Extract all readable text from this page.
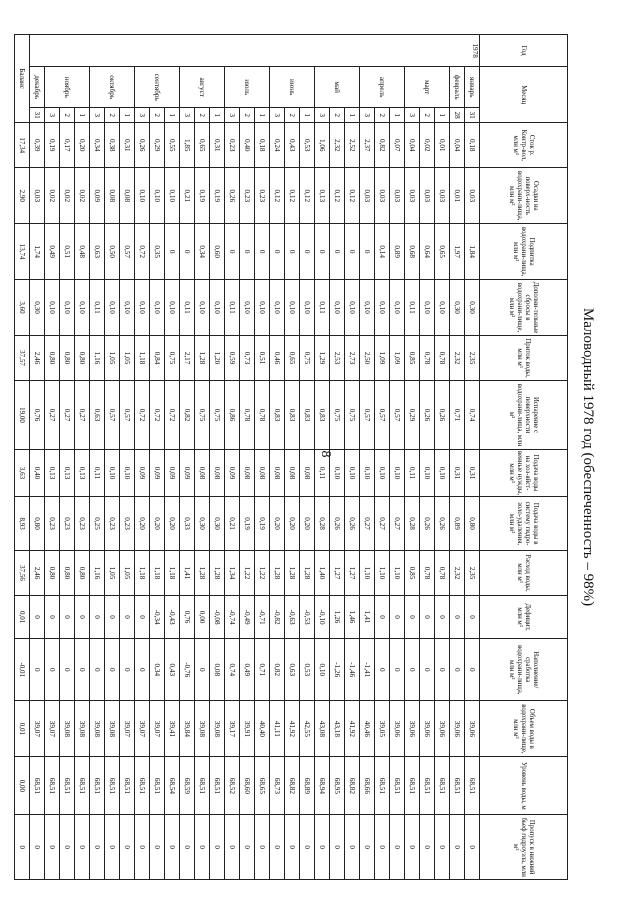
8	Маловодный 1978 год (обеспеченность – 98%)
Год	Месяц		Сток р. Контр-вол, млн м³	Осадки на поверх-ность водохрани-лища, млн м³	Подпитка водохрани-лища, млн м³	Дополни-тельные сбросы в водохрани-лище, млн м³	Приток воды, млн м³	Испарение с поверхности водохрани-лища, млн м³	Подача воды на хоз-яйст-венные нужды, млн м³	Подача воды в систему гидро-золо-удаления, млн м³	Расход воды, млн м³	Дефицит, млн м³	Наполнение/ сработка водохрани-лища, млн м³	Объем воды в водохрани-лище, млн м³	Уровень воды, м	Пропуск в нижний бьеф гидроузла, млн м³
1978	январь	31	0,18	0,03	1,84	0,30	2,35	0,74	0,31	0,80	2,35	0	0	39,06	68,51	0
	февраль	28	0,04	0,01	1,97	0,30	2,32	0,71	0,31	0,89	2,32	0	0	39,06	68,51	0
	март	1	0,01	0,03	0,65	0,10	0,78	0,26	0,10	0,26	0,78	0	0	39,06	68,51	0
		2	0,02	0,03	0,64	0,10	0,78	0,26	0,10	0,26	0,78	0	0	39,06	68,51	0
		3	0,04	0,03	0,68	0,11	0,85	0,29	0,11	0,28	0,85	0	0	39,06	68,51	0
	апрель	1	0,07	0,03	0,89	0,10	1,09	0,57	0,10	0,27	1,10	0	0	39,06	68,51	0
		2	0,82	0,03	0,14	0,10	1,09	0,57	0,10	0,27	1,10	0	0	39,05	68,51	0
		3	2,37	0,03	0	0,10	2,50	0,57	0,10	0,27	1,10	1,41	-1,41	40,46	68,66	0
	май	1	2,52	0,12	0	0,10	2,73	0,75	0,10	0,26	1,27	1,46	-1,46	41,92	68,82	0
		2	2,32	0,12	0	0,10	2,53	0,75	0,10	0,26	1,27	1,26	-1,26	43,18	68,95	0
		3	1,06	0,13	0	0,11	1,29	0,83	0,11	0,28	1,40	-0,10	0,10	43,08	68,94	0
	июнь	1	0,53	0,12	0	0,10	0,75	0,83	0,08	0,20	1,28	-0,53	0,53	42,55	68,89	0
		2	0,43	0,12	0	0,10	0,65	0,83	0,08	0,20	1,28	-0,63	0,63	41,92	68,82	0
		3	0,24	0,12	0	0,10	0,46	0,83	0,08	0,20	1,28	-0,82	0,82	41,11	68,73	0
	июль	1	0,18	0,23	0	0,10	0,51	0,78	0,08	0,19	1,22	-0,71	0,71	40,40	68,65	0
		2	0,40	0,23	0	0,10	0,73	0,78	0,08	0,19	1,22	-0,49	0,49	39,91	68,60	0
		3	0,23	0,26	0	0,11	0,59	0,86	0,09	0,21	1,34	-0,74	0,74	39,17	68,52	0
	август	1	0,31	0,19	0,60	0,10	1,20	0,75	0,08	0,30	1,28	-0,08	0,08	39,08	68,51	0
		2	0,65	0,19	0,34	0,10	1,28	0,75	0,08	0,30	1,28	0,00	0	39,08	68,51	0
		3	1,85	0,21	0	0,11	2,17	0,82	0,09	0,33	1,41	0,76	-0,76	39,84	68,59	0
	сентябрь	1	0,55	0,10	0	0,10	0,75	0,72	0,09	0,20	1,18	-0,43	0,43	39,41	68,54	0
		2	0,29	0,10	0,35	0,10	0,84	0,72	0,09	0,20	1,18	-0,34	0,34	39,07	68,51	0
		3	0,26	0,10	0,72	0,10	1,18	0,72	0,09	0,20	1,18	0	0	39,07	68,51	0
	октябрь	1	0,31	0,08	0,57	0,10	1,05	0,57	0,10	0,23	1,05	0	0	39,07	68,51	0
		2	0,38	0,08	0,50	0,10	1,05	0,57	0,10	0,23	1,05	0	0	39,08	68,51	0
		3	0,34	0,09	0,63	0,11	1,16	0,63	0,11	0,25	1,16	0	0	39,08	68,51	0
	ноябрь	1	0,20	0,02	0,48	0,10	0,80	0,27	0,13	0,23	0,80	0	0	39,08	68,51	0
		2	0,17	0,02	0,51	0,10	0,80	0,27	0,13	0,23	0,80	0	0	39,08	68,51	0
		3	0,19	0,02	0,49	0,10	0,80	0,27	0,13	0,23	0,80	0	0	39,07	68,51	0
	декабрь	31	0,39	0,03	1,74	0,30	2,46	0,76	0,40	0,80	2,46	0	0	39,07	68,51	0
Баланс			17,34	2,90	13,74	3,60	37,57	19,00	3,63	8,93	37,56	0,01	-0,01	0,01	0,00	0
